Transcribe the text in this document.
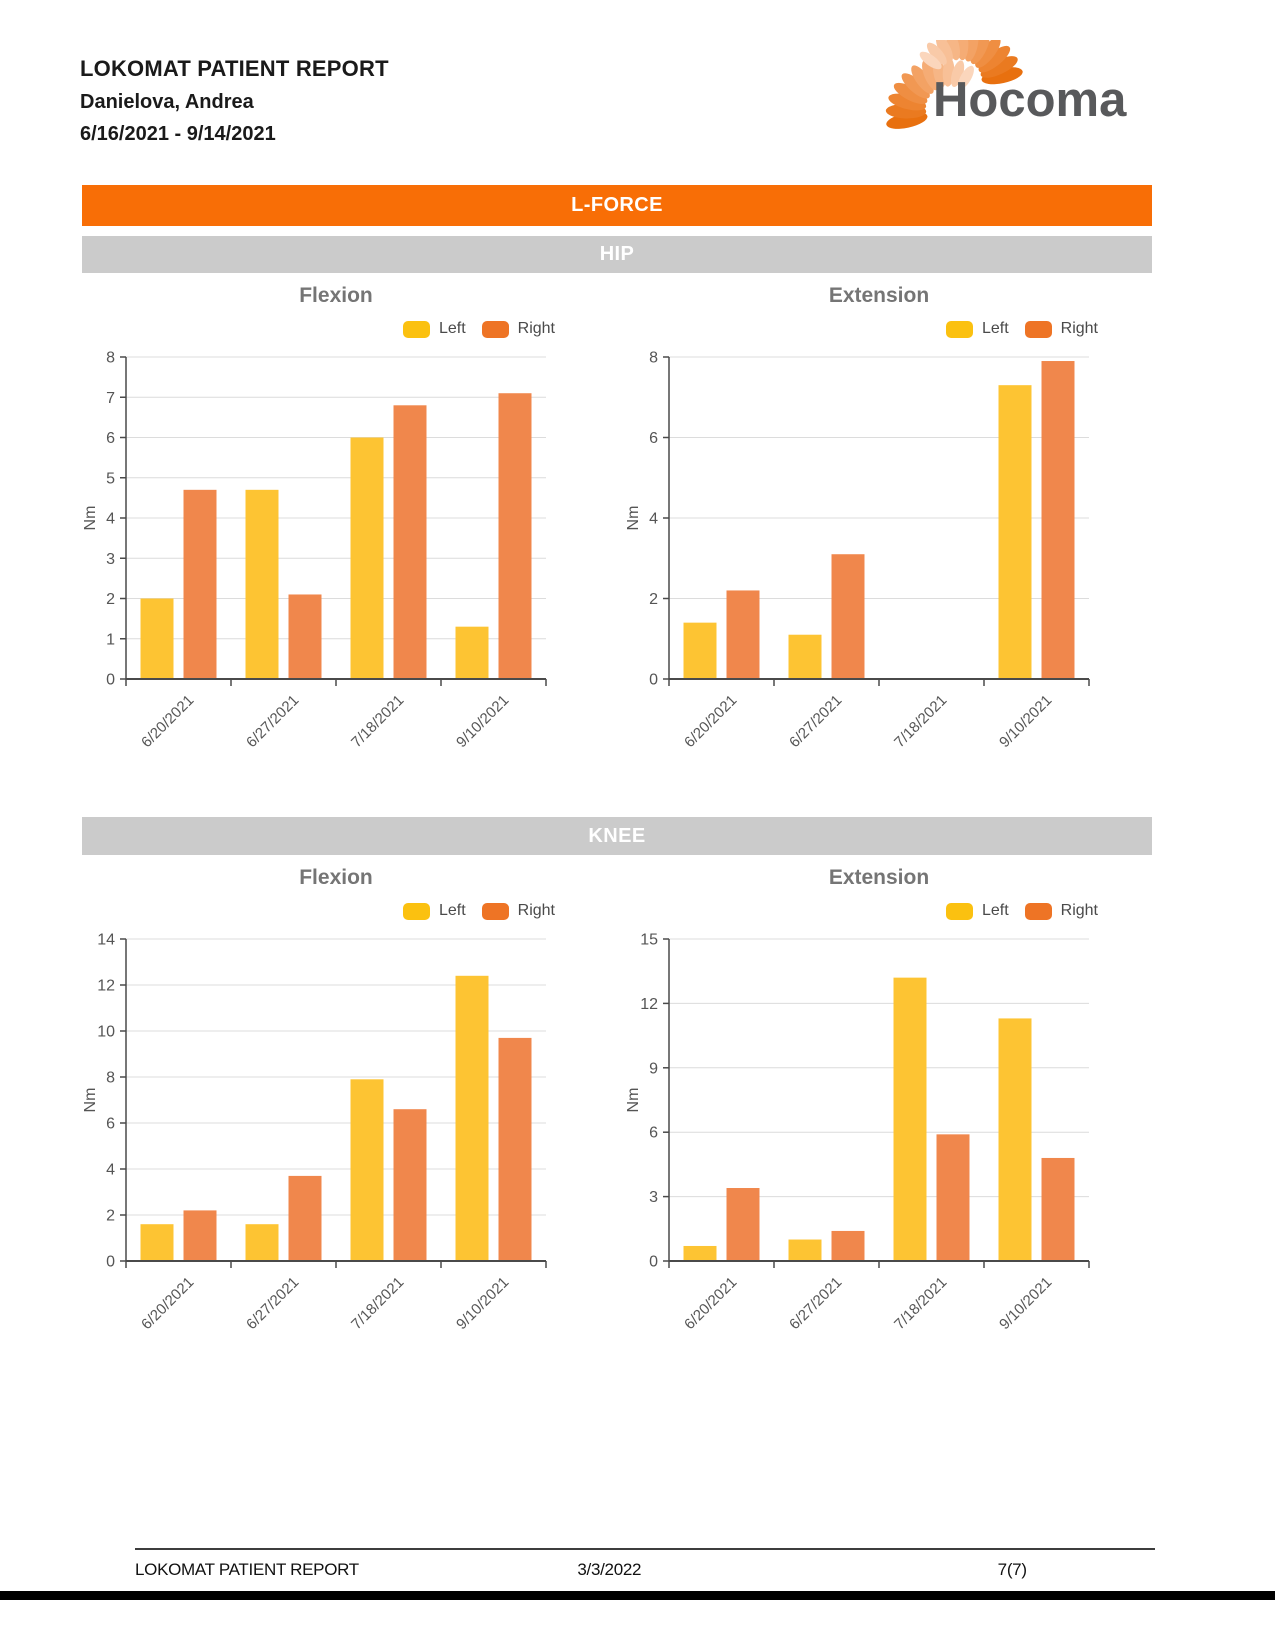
LOKOMAT PATIENT REPORT
Danielova, Andrea
6/16/2021 - 9/14/2021
Hocoma
L-FORCE
HIP
KNEE
Flexion
Left	Right
0
1
2
3
4
5
6
7
8
Nm
6/20/2021	6/27/2021	7/18/2021	9/10/2021
Extension
Left	Right
0
2
4
6
8
Nm
6/20/2021	6/27/2021	7/18/2021	9/10/2021
Flexion
Left	Right
0
2
4
6
8
10
12
14
Nm
6/20/2021	6/27/2021	7/18/2021	9/10/2021
Extension
Left	Right
0
3
6
9
12
15
Nm
6/20/2021	6/27/2021	7/18/2021	9/10/2021
LOKOMAT PATIENT REPORT	3/3/2022	7(7)
